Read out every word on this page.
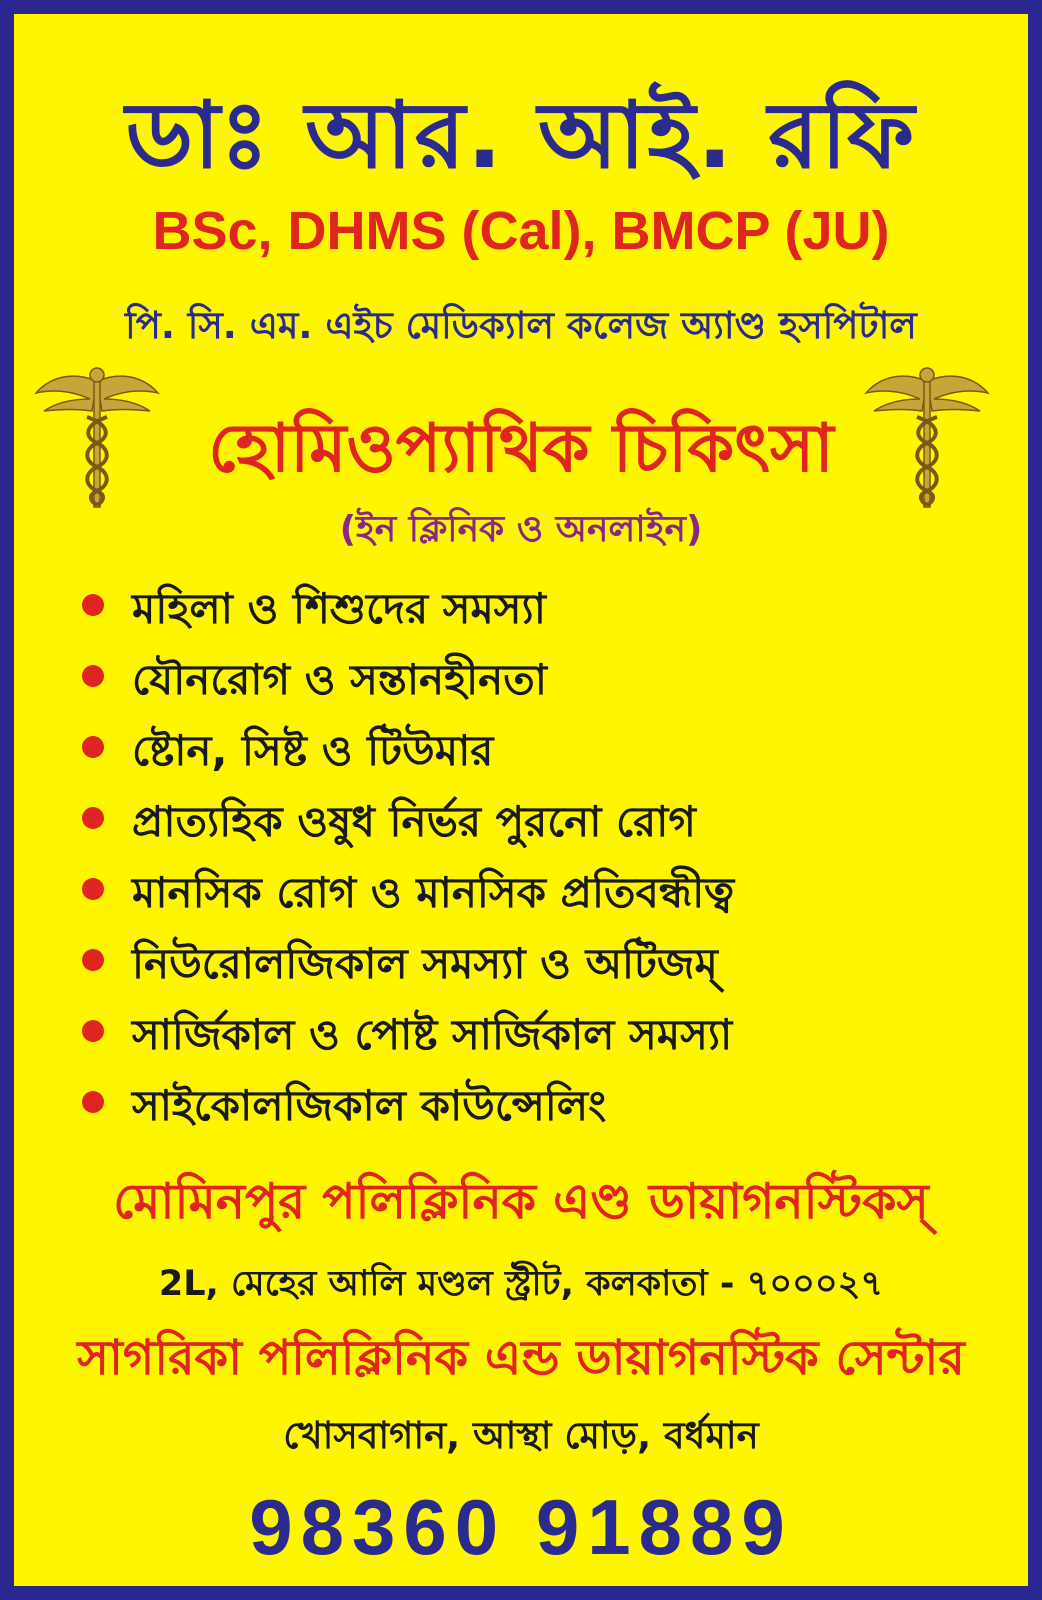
ডাঃ আর. আই. রফি
BSc, DHMS (Cal), BMCP (JU)
পি. সি. এম. এইচ মেডিক্যাল কলেজ অ্যাণ্ড হসপিটাল
হোমিওপ্যাথিক চিকিৎসা
(ইন ক্লিনিক ও অনলাইন)
মহিলা ও শিশুদের সমস্যা
যৌনরোগ ও সন্তানহীনতা
ষ্টোন, সিষ্ট ও টিউমার
প্রাত্যহিক ওষুধ নির্ভর পুরনো রোগ
মানসিক রোগ ও মানসিক প্রতিবন্ধীত্ব
নিউরোলজিকাল সমস্যা ও অটিজম্
সার্জিকাল ও পোষ্ট সার্জিকাল সমস্যা
সাইকোলজিকাল কাউন্সেলিং
মোমিনপুর পলিক্লিনিক এণ্ড ডায়াগনস্টিকস্
2L, মেহের আলি মণ্ডল স্ট্রীট, কলকাতা - ৭০০০২৭
সাগরিকা পলিক্লিনিক এন্ড ডায়াগনস্টিক সেন্টার
খোসবাগান, আস্থা মোড়, বর্ধমান
98360 91889
